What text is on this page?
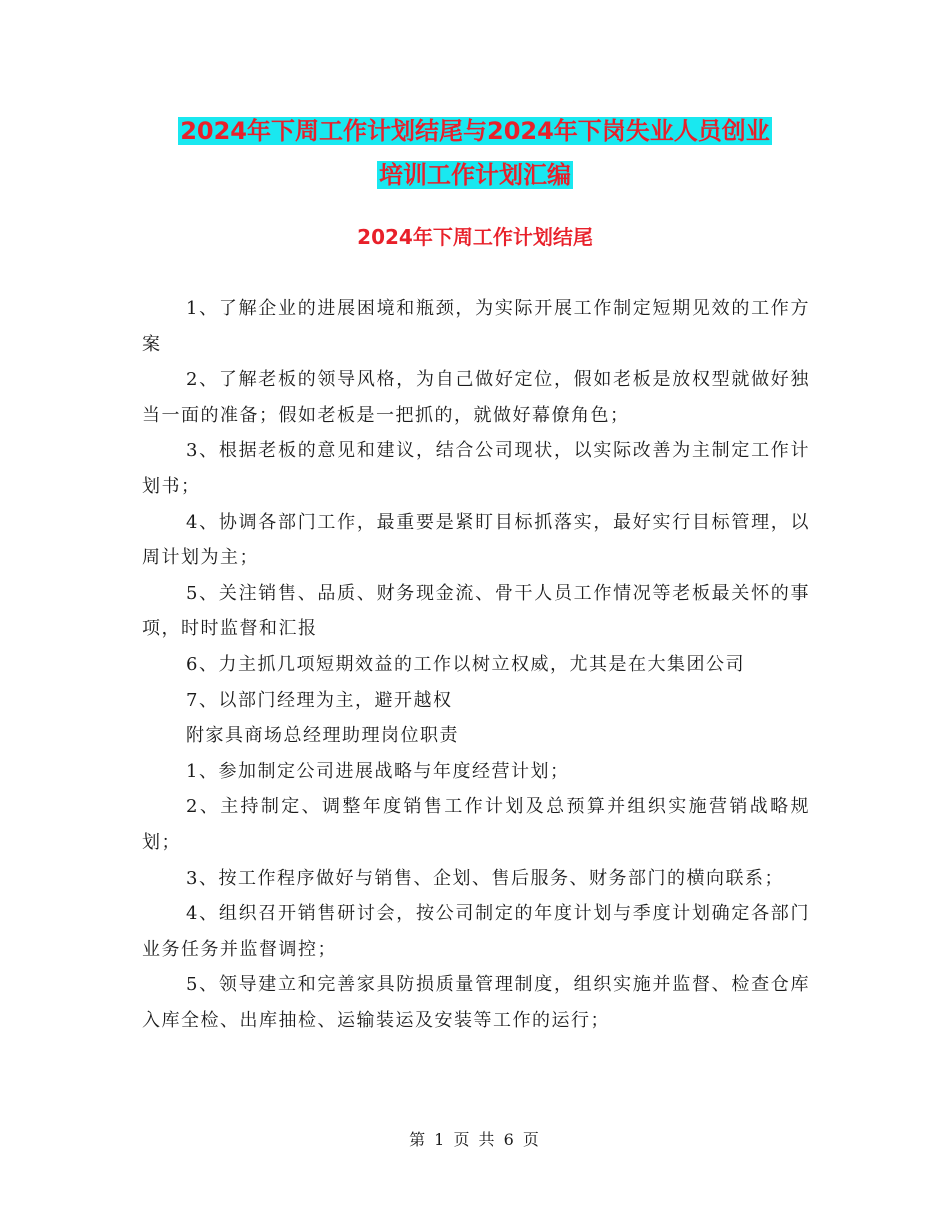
2024年下周工作计划结尾与2024年下岗失业人员创业
培训工作计划汇编
2024年下周工作计划结尾

1、了解企业的进展困境和瓶颈，为实际开展工作制定短期见效的工作方案

2、了解老板的领导风格，为自己做好定位，假如老板是放权型就做好独当一面的准备；假如老板是一把抓的，就做好幕僚角色；

3、根据老板的意见和建议，结合公司现状，以实际改善为主制定工作计划书；

4、协调各部门工作，最重要是紧盯目标抓落实，最好实行目标管理，以周计划为主；

5、关注销售、品质、财务现金流、骨干人员工作情况等老板最关怀的事项，时时监督和汇报

6、力主抓几项短期效益的工作以树立权威，尤其是在大集团公司

7、以部门经理为主，避开越权

附家具商场总经理助理岗位职责

1、参加制定公司进展战略与年度经营计划；

2、主持制定、调整年度销售工作计划及总预算并组织实施营销战略规划；

3、按工作程序做好与销售、企划、售后服务、财务部门的横向联系；

4、组织召开销售研讨会，按公司制定的年度计划与季度计划确定各部门业务任务并监督调控；

5、领导建立和完善家具防损质量管理制度，组织实施并监督、检查仓库入库全检、出库抽检、运输装运及安装等工作的运行；

第 1 页 共 6 页
